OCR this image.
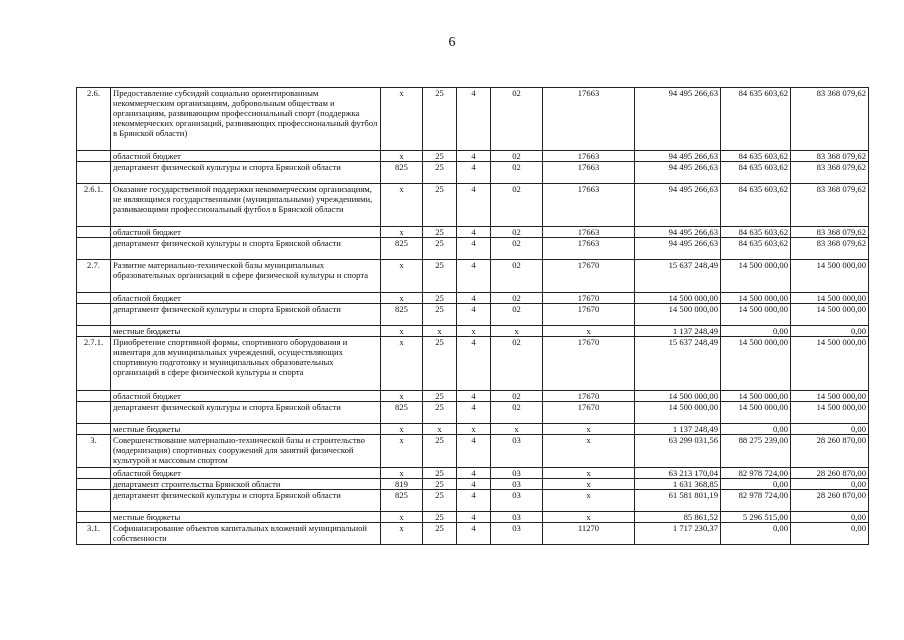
6
2.6.	Предоставление субсидий социально ориентированным некоммерческим организациям, добровольным обществам и организациям, развивающим профессиональный спорт (поддержка некоммерческих организаций, развивающих профессиональный футбол в Брянской области)	х	25	4	02	17663	94 495 266,63	84 635 603,62	83 368 079,62
	областной бюджет	х	25	4	02	17663	94 495 266,63	84 635 603,62	83 368 079,62
	департамент физической культуры и спорта Брянской области	825	25	4	02	17663	94 495 266,63	84 635 603,62	83 368 079,62
2.6.1.	Оказание государственной поддержки некоммерческим организациям, не являющимся государственными (муниципальными) учреждениями, развивающими профессиональный футбол в Брянской области	х	25	4	02	17663	94 495 266,63	84 635 603,62	83 368 079,62
	областной бюджет	х	25	4	02	17663	94 495 266,63	84 635 603,62	83 368 079,62
	департамент физической культуры и спорта Брянской области	825	25	4	02	17663	94 495 266,63	84 635 603,62	83 368 079,62
2.7.	Развитие материально-технической базы муниципальных образовательных организаций в сфере физической культуры и спорта	х	25	4	02	17670	15 637 248,49	14 500 000,00	14 500 000,00
	областной бюджет	х	25	4	02	17670	14 500 000,00	14 500 000,00	14 500 000,00
	департамент физической культуры и спорта Брянской области	825	25	4	02	17670	14 500 000,00	14 500 000,00	14 500 000,00
	местные бюджеты	х	х	х	х	х	1 137 248,49	0,00	0,00
2.7.1.	Приобретение спортивной формы, спортивного оборудования и инвентаря для муниципальных учреждений, осуществляющих спортивную подготовку и муниципальных образовательных организаций в сфере физической культуры и спорта	х	25	4	02	17670	15 637 248,49	14 500 000,00	14 500 000,00
	областной бюджет	х	25	4	02	17670	14 500 000,00	14 500 000,00	14 500 000,00
	департамент физической культуры и спорта Брянской области	825	25	4	02	17670	14 500 000,00	14 500 000,00	14 500 000,00
	местные бюджеты	х	х	х	х	х	1 137 248,49	0,00	0,00
3.	Совершенствование материально-технической базы и строительство (модернизация) спортивных сооружений для занятий физической культурой и массовым спортом	х	25	4	03	х	63 299 031,56	88 275 239,00	28 260 870,00
	областной бюджет	х	25	4	03	х	63 213 170,04	82 978 724,00	28 260 870,00
	департамент строительства Брянской области	819	25	4	03	х	1 631 368,85	0,00	0,00
	департамент физической культуры и спорта Брянской области	825	25	4	03	х	61 581 801,19	82 978 724,00	28 260 870,00
	местные бюджеты	х	25	4	03	х	85 861,52	5 296 515,00	0,00
3.1.	Софинансирование объектов капитальных вложений муниципальной собственности	х	25	4	03	11270	1 717 230,37	0,00	0,00
